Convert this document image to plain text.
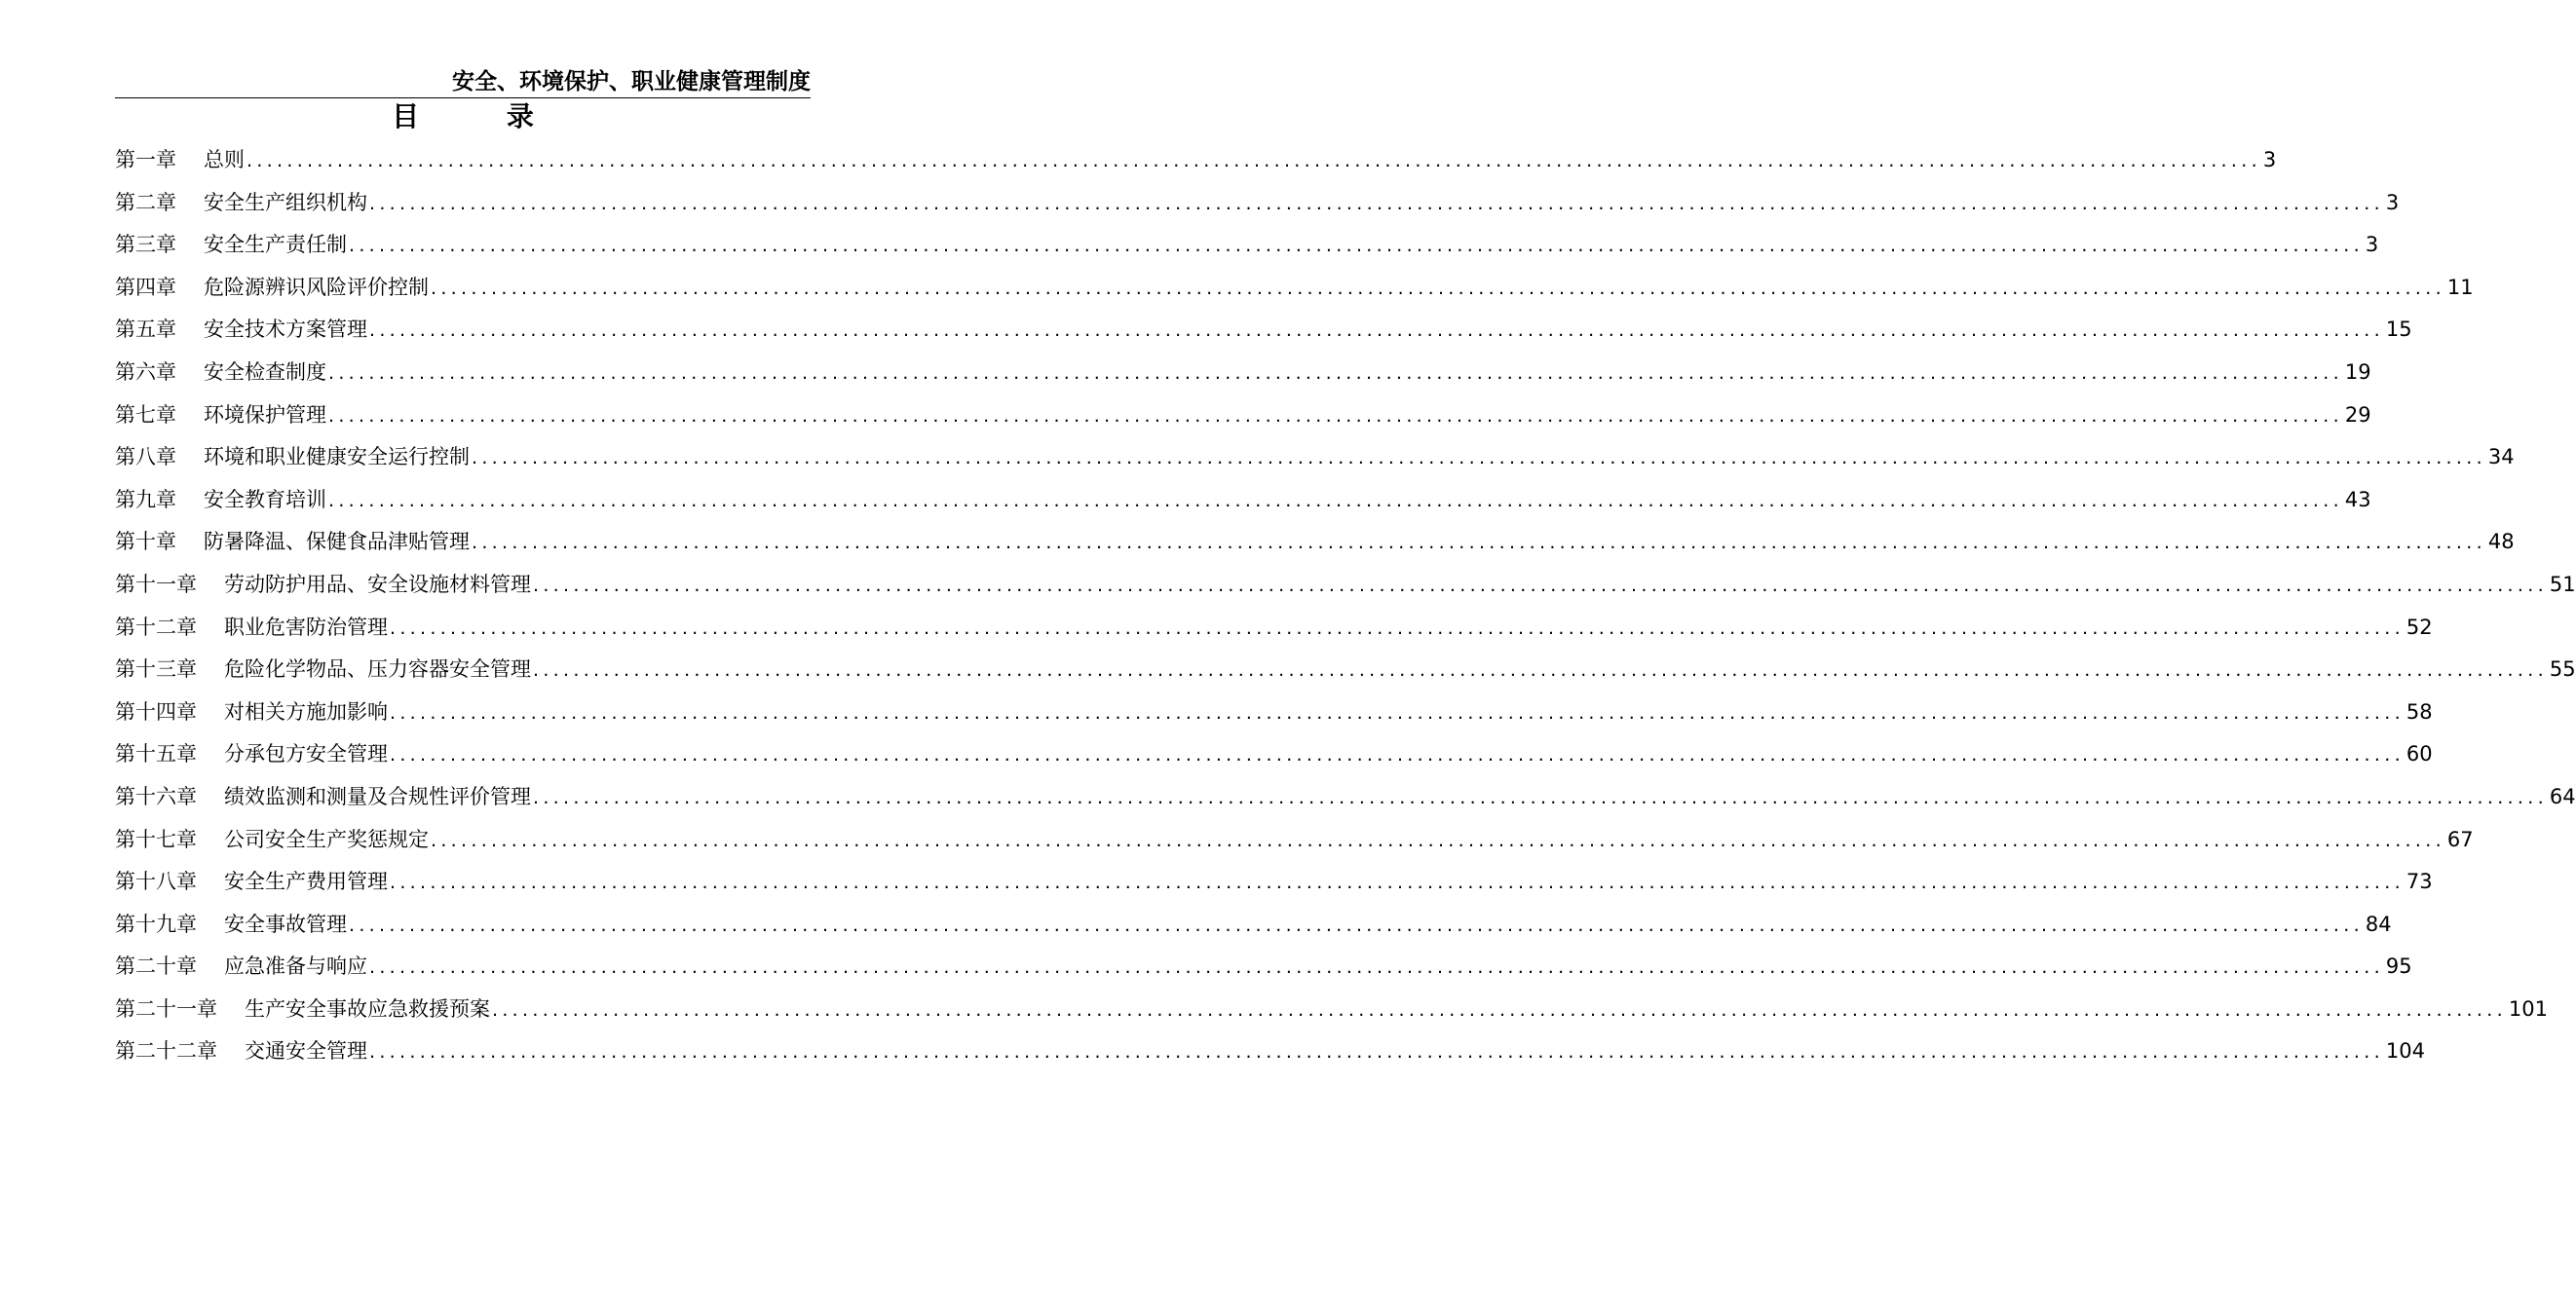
安全、环境保护、职业健康管理制度
目 录
第一章 总则 ........................................................................................................................................................................................................ 3
第二章 安全生产组织机构 ........................................................................................................................................................................................................ 3
第三章 安全生产责任制 ........................................................................................................................................................................................................ 3
第四章 危险源辨识风险评价控制 ........................................................................................................................................................................................................ 11
第五章 安全技术方案管理 ........................................................................................................................................................................................................ 15
第六章 安全检查制度 ........................................................................................................................................................................................................ 19
第七章 环境保护管理 ........................................................................................................................................................................................................ 29
第八章 环境和职业健康安全运行控制 ........................................................................................................................................................................................................ 34
第九章 安全教育培训 ........................................................................................................................................................................................................ 43
第十章 防暑降温、保健食品津贴管理 ........................................................................................................................................................................................................ 48
第十一章 劳动防护用品、安全设施材料管理 ........................................................................................................................................................................................................ 51
第十二章 职业危害防治管理 ........................................................................................................................................................................................................ 52
第十三章 危险化学物品、压力容器安全管理 ........................................................................................................................................................................................................ 55
第十四章 对相关方施加影响 ........................................................................................................................................................................................................ 58
第十五章 分承包方安全管理 ........................................................................................................................................................................................................ 60
第十六章 绩效监测和测量及合规性评价管理 ........................................................................................................................................................................................................ 64
第十七章 公司安全生产奖惩规定 ........................................................................................................................................................................................................ 67
第十八章 安全生产费用管理 ........................................................................................................................................................................................................ 73
第十九章 安全事故管理 ........................................................................................................................................................................................................ 84
第二十章 应急准备与响应 ........................................................................................................................................................................................................ 95
第二十一章 生产安全事故应急救援预案 ........................................................................................................................................................................................................ 101
第二十二章 交通安全管理 ........................................................................................................................................................................................................ 104
